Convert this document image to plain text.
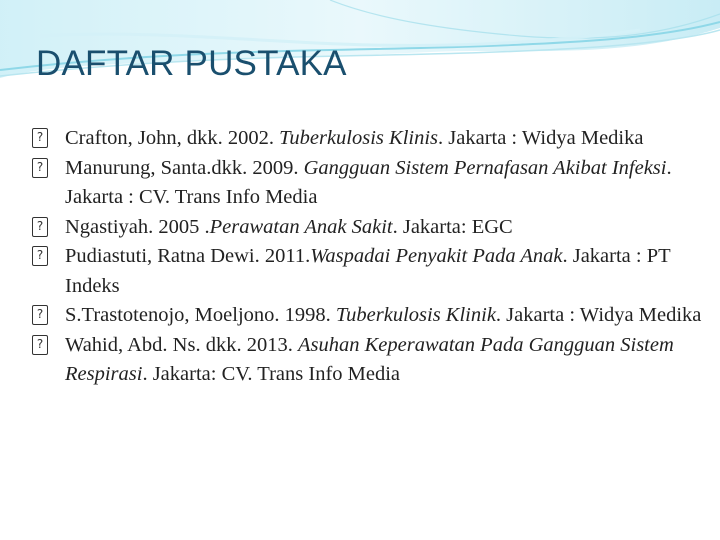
DAFTAR PUSTAKA
? Crafton, John, dkk. 2002. Tuberkulosis Klinis. Jakarta : Widya Medika
? Manurung, Santa.dkk. 2009. Gangguan Sistem Pernafasan Akibat Infeksi. Jakarta : CV. Trans Info Media
? Ngastiyah. 2005 .Perawatan Anak Sakit. Jakarta: EGC
? Pudiastuti, Ratna Dewi. 2011.Waspadai Penyakit Pada Anak. Jakarta : PT Indeks
? S.Trastotenojo, Moeljono. 1998. Tuberkulosis Klinik. Jakarta : Widya Medika
? Wahid, Abd. Ns. dkk. 2013. Asuhan Keperawatan Pada Gangguan Sistem Respirasi. Jakarta: CV. Trans Info Media
